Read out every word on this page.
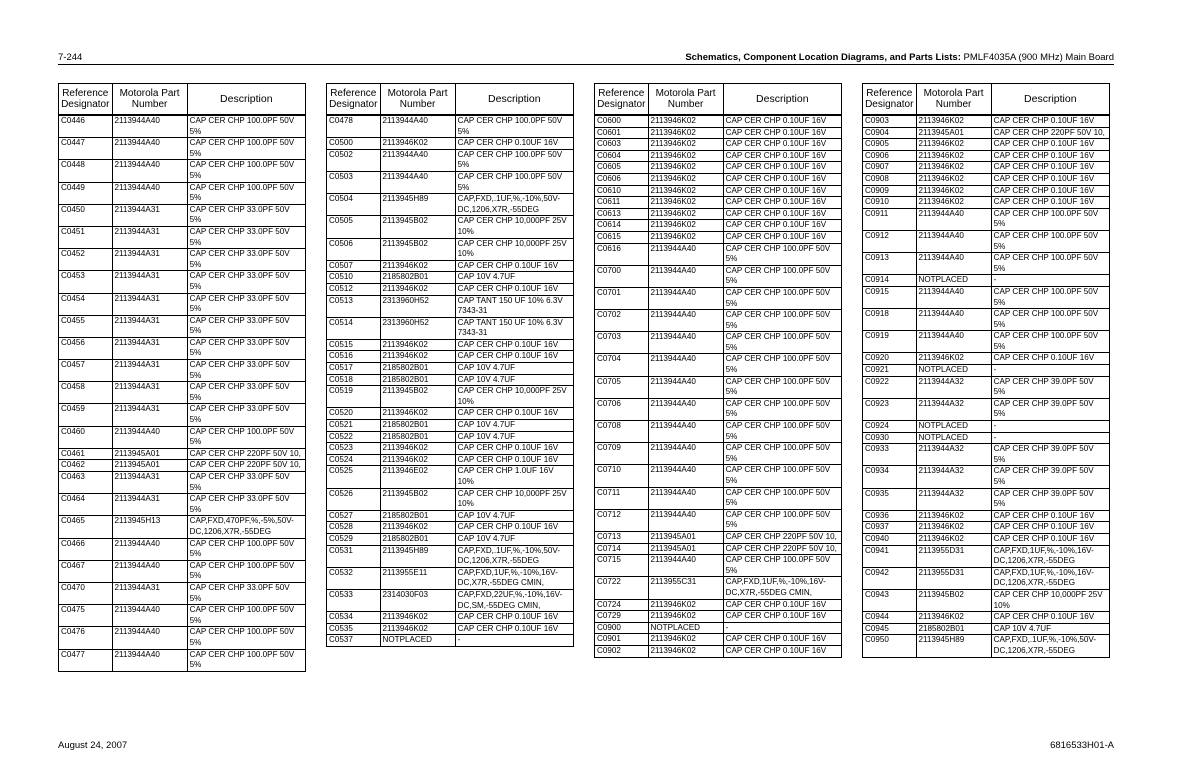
7-244	Schematics, Component Location Diagrams, and Parts Lists: PMLF4035A (900 MHz) Main Board
Reference Designator	Motorola Part Number	Description
C0446	2113944A40	CAP CER CHP 100.0PF 50V 5%
C0447	2113944A40	CAP CER CHP 100.0PF 50V 5%
C0448	2113944A40	CAP CER CHP 100.0PF 50V 5%
C0449	2113944A40	CAP CER CHP 100.0PF 50V 5%
C0450	2113944A31	CAP CER CHP 33.0PF 50V 5%
C0451	2113944A31	CAP CER CHP 33.0PF 50V 5%
C0452	2113944A31	CAP CER CHP 33.0PF 50V 5%
C0453	2113944A31	CAP CER CHP 33.0PF 50V 5%
C0454	2113944A31	CAP CER CHP 33.0PF 50V 5%
C0455	2113944A31	CAP CER CHP 33.0PF 50V 5%
C0456	2113944A31	CAP CER CHP 33.0PF 50V 5%
C0457	2113944A31	CAP CER CHP 33.0PF 50V 5%
C0458	2113944A31	CAP CER CHP 33.0PF 50V 5%
C0459	2113944A31	CAP CER CHP 33.0PF 50V 5%
C0460	2113944A40	CAP CER CHP 100.0PF 50V 5%
C0461	2113945A01	CAP CER CHP 220PF 50V 10,
C0462	2113945A01	CAP CER CHP 220PF 50V 10,
C0463	2113944A31	CAP CER CHP 33.0PF 50V 5%
C0464	2113944A31	CAP CER CHP 33.0PF 50V 5%
C0465	2113945H13	CAP,FXD,470PF,%,-5%,50V-DC,1206,X7R,-55DEG
C0466	2113944A40	CAP CER CHP 100.0PF 50V 5%
C0467	2113944A40	CAP CER CHP 100.0PF 50V 5%
C0470	2113944A31	CAP CER CHP 33.0PF 50V 5%
C0475	2113944A40	CAP CER CHP 100.0PF 50V 5%
C0476	2113944A40	CAP CER CHP 100.0PF 50V 5%
C0477	2113944A40	CAP CER CHP 100.0PF 50V 5%
Reference Designator	Motorola Part Number	Description
C0478	2113944A40	CAP CER CHP 100.0PF 50V 5%
C0500	2113946K02	CAP CER CHP 0.10UF 16V
C0502	2113944A40	CAP CER CHP 100.0PF 50V 5%
C0503	2113944A40	CAP CER CHP 100.0PF 50V 5%
C0504	2113945H89	CAP,FXD,.1UF,%,-10%,50V-DC,1206,X7R,-55DEG
C0505	2113945B02	CAP CER CHP 10,000PF 25V 10%
C0506	2113945B02	CAP CER CHP 10,000PF 25V 10%
C0507	2113946K02	CAP CER CHP 0.10UF 16V
C0510	2185802B01	CAP 10V 4.7UF
C0512	2113946K02	CAP CER CHP 0.10UF 16V
C0513	2313960H52	CAP TANT 150 UF 10% 6.3V 7343-31
C0514	2313960H52	CAP TANT 150 UF 10% 6.3V 7343-31
C0515	2113946K02	CAP CER CHP 0.10UF 16V
C0516	2113946K02	CAP CER CHP 0.10UF 16V
C0517	2185802B01	CAP 10V 4.7UF
C0518	2185802B01	CAP 10V 4.7UF
C0519	2113945B02	CAP CER CHP 10,000PF 25V 10%
C0520	2113946K02	CAP CER CHP 0.10UF 16V
C0521	2185802B01	CAP 10V 4.7UF
C0522	2185802B01	CAP 10V 4.7UF
C0523	2113946K02	CAP CER CHP 0.10UF 16V
C0524	2113946K02	CAP CER CHP 0.10UF 16V
C0525	2113946E02	CAP CER CHP 1.0UF 16V 10%
C0526	2113945B02	CAP CER CHP 10,000PF 25V 10%
C0527	2185802B01	CAP 10V 4.7UF
C0528	2113946K02	CAP CER CHP 0.10UF 16V
C0529	2185802B01	CAP 10V 4.7UF
C0531	2113945H89	CAP,FXD,.1UF,%,-10%,50V-DC,1206,X7R,-55DEG
C0532	2113955E11	CAP,FXD,1UF,%,-10%,16V-DC,X7R,-55DEG CMIN,
C0533	2314030F03	CAP,FXD,22UF,%,-10%,16V-DC,SM,-55DEG CMIN,
C0534	2113946K02	CAP CER CHP 0.10UF 16V
C0535	2113946K02	CAP CER CHP 0.10UF 16V
C0537	NOTPLACED	-
Reference Designator	Motorola Part Number	Description
C0600	2113946K02	CAP CER CHP 0.10UF 16V
C0601	2113946K02	CAP CER CHP 0.10UF 16V
C0603	2113946K02	CAP CER CHP 0.10UF 16V
C0604	2113946K02	CAP CER CHP 0.10UF 16V
C0605	2113946K02	CAP CER CHP 0.10UF 16V
C0606	2113946K02	CAP CER CHP 0.10UF 16V
C0610	2113946K02	CAP CER CHP 0.10UF 16V
C0611	2113946K02	CAP CER CHP 0.10UF 16V
C0613	2113946K02	CAP CER CHP 0.10UF 16V
C0614	2113946K02	CAP CER CHP 0.10UF 16V
C0615	2113946K02	CAP CER CHP 0.10UF 16V
C0616	2113944A40	CAP CER CHP 100.0PF 50V 5%
C0700	2113944A40	CAP CER CHP 100.0PF 50V 5%
C0701	2113944A40	CAP CER CHP 100.0PF 50V 5%
C0702	2113944A40	CAP CER CHP 100.0PF 50V 5%
C0703	2113944A40	CAP CER CHP 100.0PF 50V 5%
C0704	2113944A40	CAP CER CHP 100.0PF 50V 5%
C0705	2113944A40	CAP CER CHP 100.0PF 50V 5%
C0706	2113944A40	CAP CER CHP 100.0PF 50V 5%
C0708	2113944A40	CAP CER CHP 100.0PF 50V 5%
C0709	2113944A40	CAP CER CHP 100.0PF 50V 5%
C0710	2113944A40	CAP CER CHP 100.0PF 50V 5%
C0711	2113944A40	CAP CER CHP 100.0PF 50V 5%
C0712	2113944A40	CAP CER CHP 100.0PF 50V 5%
C0713	2113945A01	CAP CER CHP 220PF 50V 10,
C0714	2113945A01	CAP CER CHP 220PF 50V 10,
C0715	2113944A40	CAP CER CHP 100.0PF 50V 5%
C0722	2113955C31	CAP,FXD,1UF,%,-10%,16V-DC,X7R,-55DEG CMIN,
C0724	2113946K02	CAP CER CHP 0.10UF 16V
C0729	2113946K02	CAP CER CHP 0.10UF 16V
C0900	NOTPLACED	-
C0901	2113946K02	CAP CER CHP 0.10UF 16V
C0902	2113946K02	CAP CER CHP 0.10UF 16V
Reference Designator	Motorola Part Number	Description
C0903	2113946K02	CAP CER CHP 0.10UF 16V
C0904	2113945A01	CAP CER CHP 220PF 50V 10,
C0905	2113946K02	CAP CER CHP 0.10UF 16V
C0906	2113946K02	CAP CER CHP 0.10UF 16V
C0907	2113946K02	CAP CER CHP 0.10UF 16V
C0908	2113946K02	CAP CER CHP 0.10UF 16V
C0909	2113946K02	CAP CER CHP 0.10UF 16V
C0910	2113946K02	CAP CER CHP 0.10UF 16V
C0911	2113944A40	CAP CER CHP 100.0PF 50V 5%
C0912	2113944A40	CAP CER CHP 100.0PF 50V 5%
C0913	2113944A40	CAP CER CHP 100.0PF 50V 5%
C0914	NOTPLACED	-
C0915	2113944A40	CAP CER CHP 100.0PF 50V 5%
C0918	2113944A40	CAP CER CHP 100.0PF 50V 5%
C0919	2113944A40	CAP CER CHP 100.0PF 50V 5%
C0920	2113946K02	CAP CER CHP 0.10UF 16V
C0921	NOTPLACED	-
C0922	2113944A32	CAP CER CHP 39.0PF 50V 5%
C0923	2113944A32	CAP CER CHP 39.0PF 50V 5%
C0924	NOTPLACED	-
C0930	NOTPLACED	-
C0933	2113944A32	CAP CER CHP 39.0PF 50V 5%
C0934	2113944A32	CAP CER CHP 39.0PF 50V 5%
C0935	2113944A32	CAP CER CHP 39.0PF 50V 5%
C0936	2113946K02	CAP CER CHP 0.10UF 16V
C0937	2113946K02	CAP CER CHP 0.10UF 16V
C0940	2113946K02	CAP CER CHP 0.10UF 16V
C0941	2113955D31	CAP,FXD,1UF,%,-10%,16V-DC,1206,X7R,-55DEG
C0942	2113955D31	CAP,FXD,1UF,%,-10%,16V-DC,1206,X7R,-55DEG
C0943	2113945B02	CAP CER CHP 10,000PF 25V 10%
C0944	2113946K02	CAP CER CHP 0.10UF 16V
C0945	2185802B01	CAP 10V 4.7UF
C0950	2113945H89	CAP,FXD,.1UF,%,-10%,50V-DC,1206,X7R,-55DEG
August 24, 2007	6816533H01-A
